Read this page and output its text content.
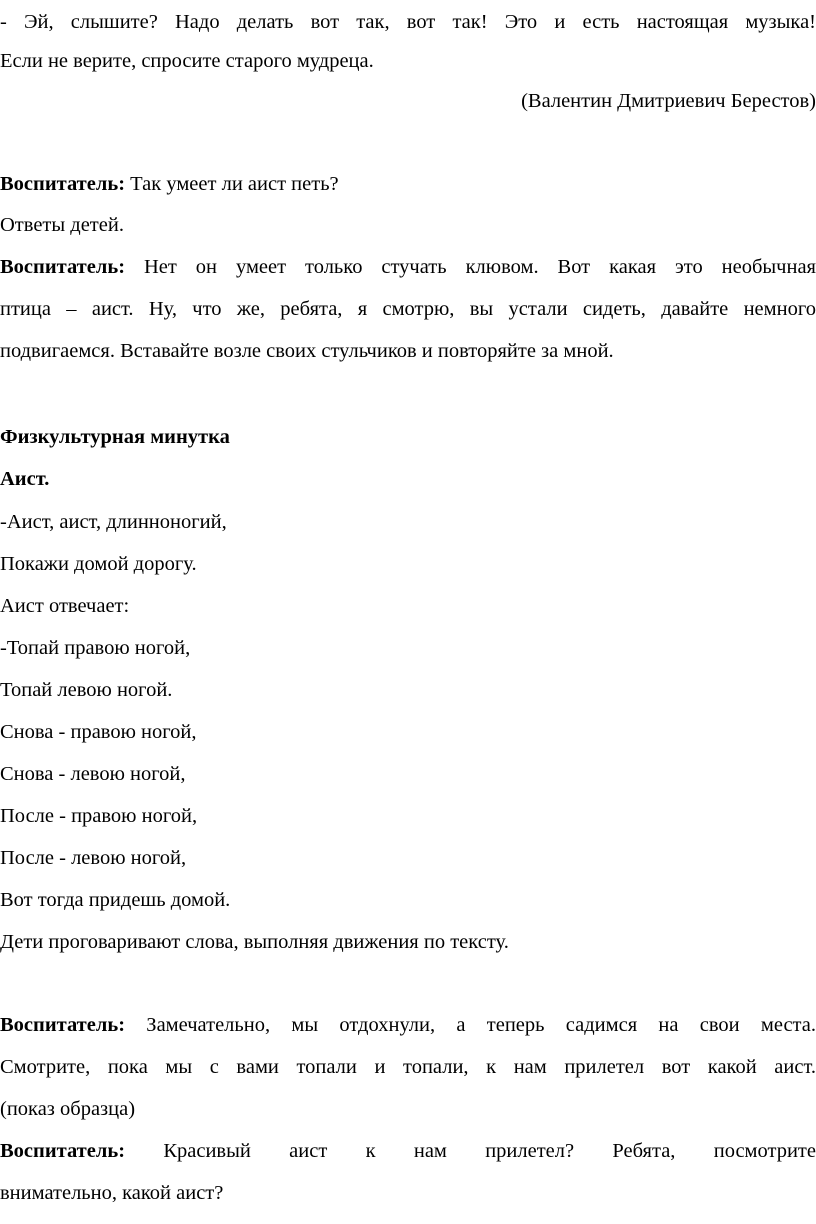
- Эй, слышите? Надо делать вот так, вот так! Это и есть настоящая музыка!
Если не верите, спросите старого мудреца.
(Валентин Дмитриевич Берестов)
Воспитатель: Так умеет ли аист петь?
Ответы детей.
Воспитатель: Нет он умеет только стучать клювом. Вот какая это необычная
птица – аист. Ну, что же, ребята, я смотрю, вы устали сидеть, давайте немного
подвигаемся. Вставайте возле своих стульчиков и повторяйте за мной.
Физкультурная минутка
Аист.
-Аист, аист, длинноногий,
Покажи домой дорогу.
Аист отвечает:
-Топай правою ногой,
Топай левою ногой.
Снова - правою ногой,
Снова - левою ногой,
После - правою ногой,
После - левою ногой,
Вот тогда придешь домой.
Дети проговаривают слова, выполняя движения по тексту.
Воспитатель: Замечательно, мы отдохнули, а теперь садимся на свои места.
Смотрите, пока мы с вами топали и топали, к нам прилетел вот какой аист.
(показ образца)
Воспитатель: Красивый аист к нам прилетел? Ребята, посмотрите
внимательно, какой аист?
